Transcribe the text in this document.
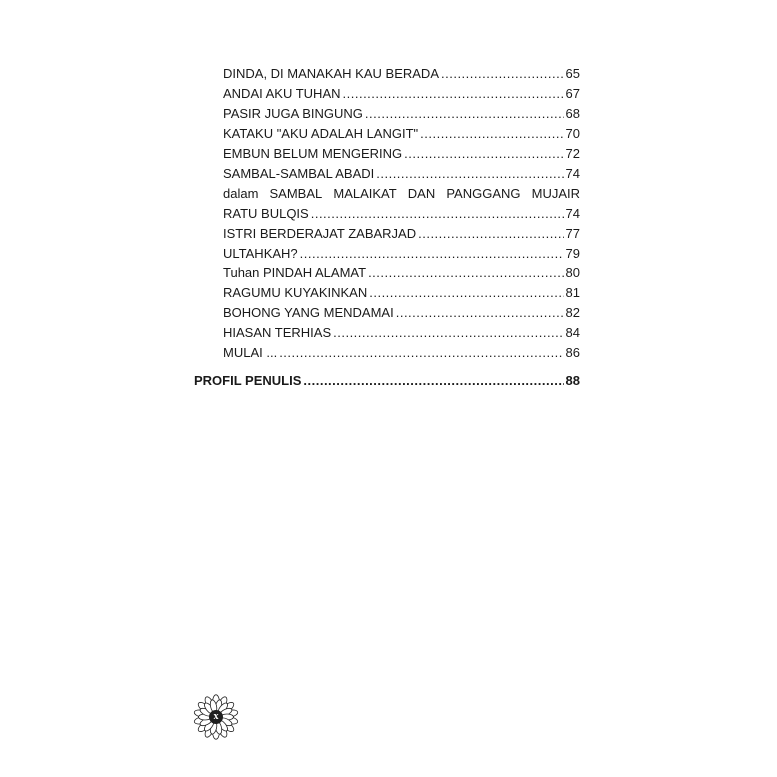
DINDA, DI MANAKAH KAU BERADA .....	65
ANDAI AKU TUHAN .....	67
PASIR JUGA BINGUNG .....	68
KATAKU "AKU ADALAH LANGIT" .....	70
EMBUN BELUM MENGERING .....	72
SAMBAL-SAMBAL ABADI .....	74
dalam SAMBAL MALAIKAT DAN PANGGANG MUJAIR
RATU BULQIS .....	74
ISTRI BERDERAJAT ZABARJAD .....	77
ULTAHKAH? .....	79
Tuhan PINDAH ALAMAT .....	80
RAGUMU KUYAKINKAN .....	81
BOHONG YANG MENDAMAI .....	82
HIASAN TERHIAS .....	84
MULAI ... .....	86
PROFIL PENULIS .....	88
x
